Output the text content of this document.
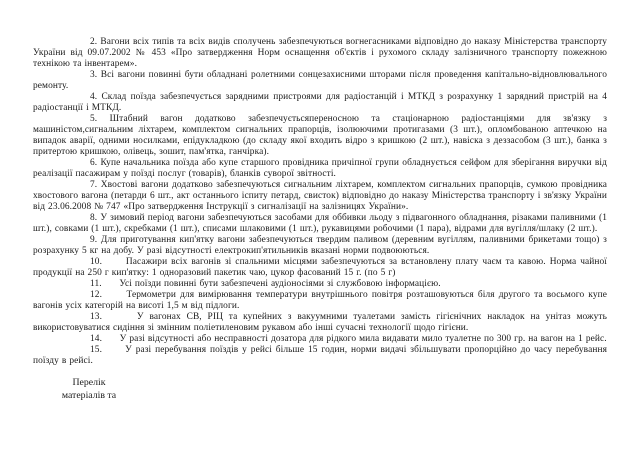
2. Вагони всіх типів та всіх видів сполучень забезпечуються вогнегасниками відповідно до наказу Міністерства транспорту України від 09.07.2002 № 453 «Про затвердження Норм оснащення об'єктів і рухомого складу залізничного транспорту пожежною технікою та інвентарем».

3. Всі вагони повинні бути обладнані ролетними сонцезахисними шторами після проведення капітально-відновлювального ремонту.

4. Склад поїзда забезпечується зарядними пристроями для радіостанцій і МТКД з розрахунку 1 зарядний пристрій на 4 радіостанції і МТКД.

5. Штабний вагон додатково забезпечуєтьсяпереносною та стаціонарною радіостанціями для зв'язку з машиністом,сигнальним ліхтарем, комплектом сигнальних прапорців, ізолюючими протигазами (3 шт.), опломбованою аптечкою на випадок аварії, одними носилками, епідукладкою (до складу якої входить відро з кришкою (2 шт.), навіска з деззасобом (3 шт.), банка з притертою кришкою, олівець, зошит, пам'ятка, ганчірка).

6. Купе начальника поїзда або купе старшого провідника причіпної групи обладнується сейфом для зберігання виручки від реалізації пасажирам у поїзді послуг (товарів), бланків суворої звітності.

7. Хвостові вагони додатково забезпечуються сигнальним ліхтарем, комплектом сигнальних прапорців, сумкою провідника хвостового вагона (петарди 6 шт., акт останнього іспиту петард, свисток) відповідно до наказу Міністерства транспорту і зв'язку України від 23.06.2008 № 747 «Про затвердження Інструкції з сигналізації на залізницях України».

8. У зимовий період вагони забезпечуються засобами для оббивки льоду з підвагонного обладнання, різаками паливними (1 шт.), совками (1 шт.), скребками (1 шт.), списами шлаковими (1 шт.), рукавицями робочими (1 пара), відрами для вугілля/шлаку (2 шт.).

9. Для приготування кип'ятку вагони забезпечуються твердим паливом (деревним вугіллям, паливними брикетами тощо) з розрахунку 5 кг на добу. У разі відсутності електрокип'ятильників вказані норми подвоюються.

10.      Пасажири всіх вагонів зі спальними місцями забезпечуються за встановлену плату чаєм та кавою. Норма чайної продукції на 250 г кип'ятку: 1 одноразовий пакетик чаю, цукор фасований 15 г. (по 5 г)

11.      Усі поїзди повинні бути забезпечені аудіоносіями зі службовою інформацією.

12.      Термометри для вимірювання температури внутрішнього повітря розташовуються біля другого та восьмого купе вагонів усіх категорій на висоті 1,5 м від підлоги.

13.      У вагонах СВ, РІЦ та купейних з вакуумними туалетами замість гігієнічних накладок на унітаз можуть використовуватися сидіння зі змінним поліетиленовим рукавом або інші сучасні технології щодо гігієни.

14.      У разі відсутності або несправності дозатора для рідкого мила видавати мило туалетне по 300 гр. на вагон на 1 рейс.

15.      У разі перебування поїздів у рейсі більше 15 годин, норми видачі збільшувати пропорційно до часу перебування поїзду в рейсі.

Перелік
матеріалів та
